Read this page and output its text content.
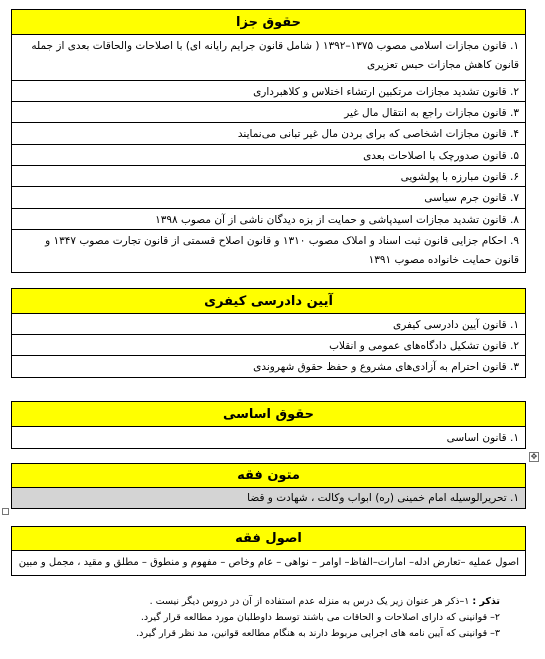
حقوق جزا
۱. قانون مجازات اسلامی مصوب ۱۳۷۵–۱۳۹۲ ( شامل قانون جرایم رایانه ای) با اصلاحات والحاقات بعدی از جمله قانون کاهش مجازات حبس تعزیری
۲. قانون تشدید مجازات مرتکبین ارتشاء اختلاس و کلاهبرداری
۳. قانون مجازات راجع به انتقال مال غیر
۴. قانون مجازات اشخاصی که برای بردن مال غیر تبانی می‌نمایند
۵. قانون صدورچک با اصلاحات بعدی
۶. قانون مبارزه با پولشویی
۷. قانون جرم سیاسی
۸. قانون تشدید مجازات اسیدپاشی و حمایت از بزه دیدگان ناشی از آن مصوب ۱۳۹۸
۹. احکام جزایی قانون ثبت اسناد و املاک مصوب ۱۳۱۰ و قانون اصلاح قسمتی از قانون تجارت مصوب ۱۳۴۷ و قانون حمایت خانواده مصوب ۱۳۹۱
آیین دادرسی کیفری
۱. قانون آیین دادرسی کیفری
۲. قانون تشکیل دادگاه‌های عمومی و انقلاب
۳. قانون احترام به آزادی‌های مشروع و حفظ حقوق شهروندی
حقوق اساسی
۱. قانون اساسی
✥
متون فقه
۱. تحریرالوسیله امام خمینی (ره) ابواب وکالت ، شهادت و قضا
اصول فقه
اصول عملیه –تعارض ادله– امارات–الفاظ– اوامر – نواهی – عام وخاص – مفهوم و منطوق – مطلق و مقید ، مجمل و مبین
تذکر : ۱–ذکر هر عنوان زیر یک درس به منزله عدم استفاده از آن در دروس دیگر نیست .
۲– قوانینی که دارای اصلاحات و الحاقات می باشند توسط داوطلبان مورد مطالعه قرار گیرد.
۳– قوانینی که آیین نامه های اجرایی مربوط دارند به هنگام مطالعه قوانین، مد نظر قرار گیرد.
